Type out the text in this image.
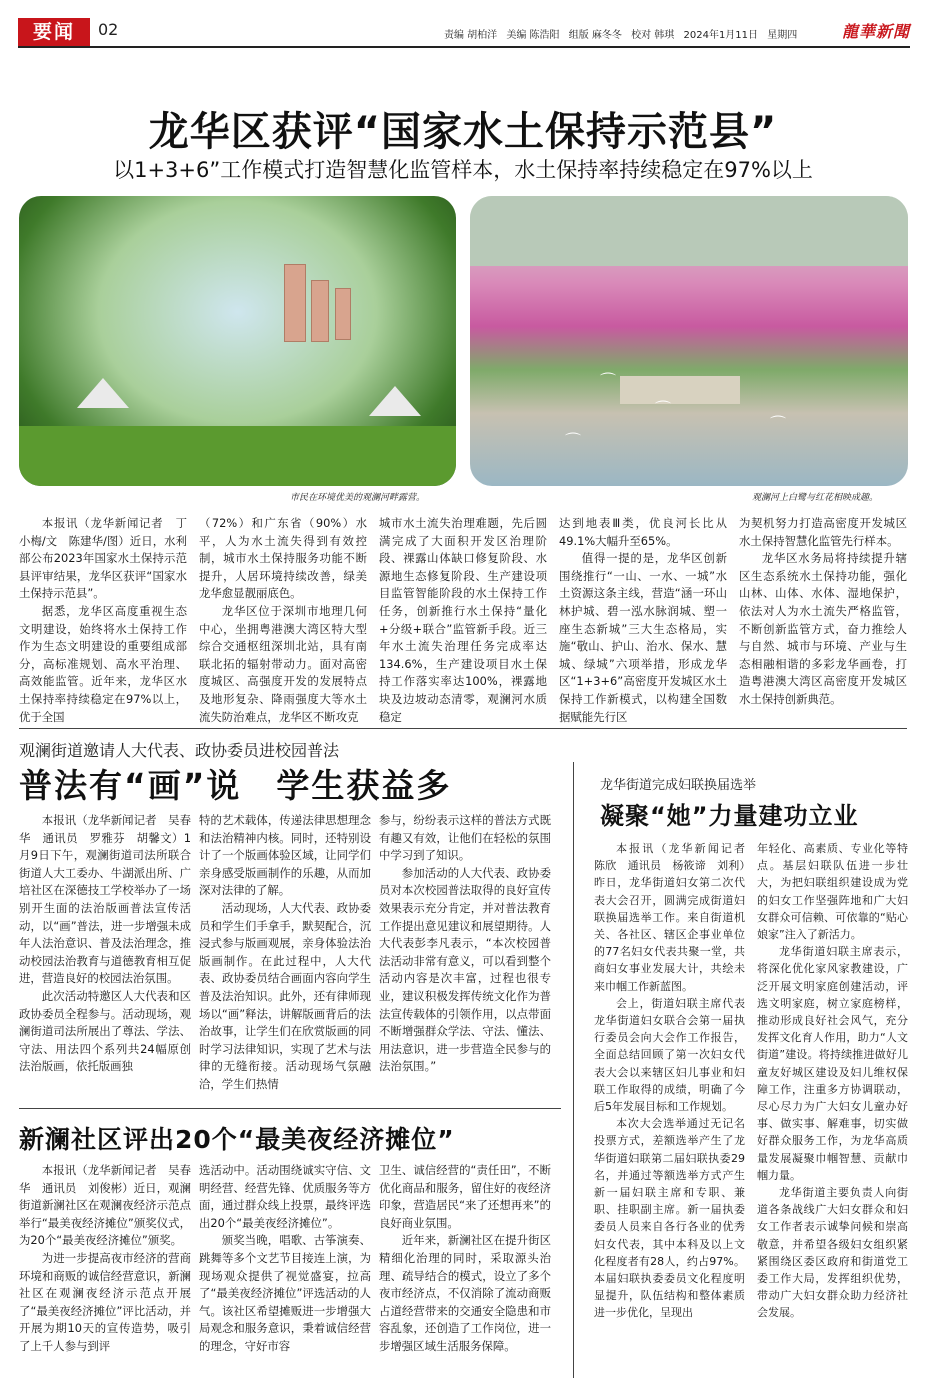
要闻	02	责编 胡柏洋 美编 陈浩阳 组版 麻冬冬 校对 韩琪 2024年1月11日 星期四	龍華新聞
龙华区获评“国家水土保持示范县”
以1+3+6”工作模式打造智慧化监管样本，水土保持率持续稳定在97%以上
⌒
⌒
⌒
⌒
市民在环境优美的观澜河畔露营。	观澜河上白鹭与红花相映成趣。

本报讯（龙华新闻记者　丁小梅/文　陈建华/图）近日，水利部公布2023年国家水土保持示范县评审结果，龙华区获评“国家水土保持示范县”。

据悉，龙华区高度重视生态文明建设，始终将水土保持工作作为生态文明建设的重要组成部分，高标准规划、高水平治理、高效能监管。近年来，龙华区水土保持率持续稳定在97%以上，优于全国

（72%）和广东省（90%）水平，人为水土流失得到有效控制，城市水土保持服务功能不断提升，人居环境持续改善，绿美龙华愈显靓丽底色。

龙华区位于深圳市地理几何中心，坐拥粤港澳大湾区特大型综合交通枢纽深圳北站，具有南联北拓的辐射带动力。面对高密度城区、高强度开发的发展特点及地形复杂、降雨强度大等水土流失防治难点，龙华区不断攻克

城市水土流失治理难题，先后圆满完成了大面积开发区治理阶段、裸露山体缺口修复阶段、水源地生态修复阶段、生产建设项目监管智能阶段的水土保持工作任务，创新推行水土保持“量化+分级+联合”监管新手段。近三年水土流失治理任务完成率达134.6%，生产建设项目水土保持工作落实率达100%，裸露地块及边坡动态清零，观澜河水质稳定

达到地表Ⅲ类，优良河长比从49.1%大幅升至65%。

值得一提的是，龙华区创新围绕推行“一山、一水、一城”水土资源这条主线，营造“涵一环山林护城、碧一泓水脉润城、塑一座生态新城”三大生态格局，实施“敬山、护山、治水、保水、慧城、绿城”六项举措，形成龙华区“1+3+6”高密度开发城区水土保持工作新模式，以构建全国数据赋能先行区

为契机努力打造高密度开发城区水土保持智慧化监管先行样本。

龙华区水务局将持续提升辖区生态系统水土保持功能，强化山林、山体、水体、湿地保护，依法对人为水土流失严格监管，不断创新监管方式，奋力推绘人与自然、城市与环境、产业与生态相融相谐的多彩龙华画卷，打造粤港澳大湾区高密度开发城区水土保持创新典范。

观澜街道邀请人大代表、政协委员进校园普法
普法有“画”说　学生获益多

本报讯（龙华新闻记者　吴春华　通讯员　罗雅芬　胡馨文）1月9日下午，观澜街道司法所联合街道人大工委办、牛湖派出所、广培社区在深德技工学校举办了一场别开生面的法治版画普法宣传活动，以“画”普法，进一步增强未成年人法治意识、普及法治理念，推动校园法治教育与道德教育相互促进，营造良好的校园法治氛围。

此次活动特邀区人大代表和区政协委员全程参与。活动现场，观澜街道司法所展出了尊法、学法、守法、用法四个系列共24幅原创法治版画，依托版画独

特的艺术载体，传递法律思想理念和法治精神内核。同时，还特别设计了一个版画体验区域，让同学们亲身感受版画制作的乐趣，从而加深对法律的了解。

活动现场，人大代表、政协委员和学生们手拿手，默契配合，沉浸式参与版画观展，亲身体验法治版画制作。在此过程中，人大代表、政协委员结合画面内容向学生普及法治知识。此外，还有律师现场以“画”释法，讲解版画背后的法治故事，让学生们在欣赏版画的同时学习法律知识，实现了艺术与法律的无缝衔接。活动现场气氛融洽，学生们热情

参与，纷纷表示这样的普法方式既有趣又有效，让他们在轻松的氛围中学习到了知识。

参加活动的人大代表、政协委员对本次校园普法取得的良好宣传效果表示充分肯定，并对普法教育工作提出意见建议和展望期待。人大代表彭李凡表示，“本次校园普法活动非常有意义，可以看到整个活动内容是次丰富，过程也很专业，建议积极发挥传统文化作为普法宣传载体的引领作用，以点带面不断增强群众学法、守法、懂法、用法意识，进一步营造全民参与的法治氛围。”

龙华街道完成妇联换届选举
凝聚“她”力量建功立业

本报讯（龙华新闻记者　陈欣　通讯员　杨筱谛　刘利）昨日，龙华街道妇女第二次代表大会召开，圆满完成街道妇联换届选举工作。来自街道机关、各社区、辖区企事业单位的77名妇女代表共聚一堂，共商妇女事业发展大计，共绘未来巾帼工作新蓝图。

会上，街道妇联主席代表龙华街道妇女联合会第一届执行委员会向大会作工作报告，全面总结回顾了第一次妇女代表大会以来辖区妇儿事业和妇联工作取得的成绩，明确了今后5年发展目标和工作规划。

本次大会选举通过无记名投票方式，差额选举产生了龙华街道妇联第二届妇联执委29名，并通过等额选举方式产生新一届妇联主席和专职、兼职、挂职副主席。新一届执委委员人员来自各行各业的优秀妇女代表，其中本科及以上文化程度者有28人，约占97%。本届妇联执委委员文化程度明显提升，队伍结构和整体素质进一步优化，呈现出

年轻化、高素质、专业化等特点。基层妇联队伍进一步壮大，为把妇联组织建设成为党的妇女工作坚强阵地和广大妇女群众可信赖、可依靠的“贴心娘家”注入了新活力。

龙华街道妇联主席表示，将深化优化家风家教建设，广泛开展文明家庭创建活动，评选文明家庭，树立家庭榜样，推动形成良好社会风气，充分发挥文化育人作用，助力“人文街道”建设。将持续推进做好儿童友好城区建设及妇儿维权保障工作，注重多方协调联动，尽心尽力为广大妇女儿童办好事、做实事、解难事，切实做好群众服务工作，为龙华高质量发展凝聚巾帼智慧、贡献巾帼力量。

龙华街道主要负责人向街道各条战线广大妇女群众和妇女工作者表示诚挚问候和崇高敬意，并希望各级妇女组织紧紧围绕区委区政府和街道党工委工作大局，发挥组织优势，带动广大妇女群众助力经济社会发展。

新澜社区评出20个“最美夜经济摊位”

本报讯（龙华新闻记者　吴春华　通讯员　刘俊彬）近日，观澜街道新澜社区在观澜夜经济示范点举行“最美夜经济摊位”颁奖仪式，为20个“最美夜经济摊位”颁奖。

为进一步提高夜市经济的营商环境和商贩的诚信经营意识，新澜社区在观澜夜经济示范点开展了“最美夜经济摊位”评比活动，并开展为期10天的宣传造势，吸引了上千人参与到评

选活动中。活动围绕诚实守信、文明经营、经营先锋、优质服务等方面，通过群众线上投票，最终评选出20个“最美夜经济摊位”。

颁奖当晚，唱歌、古筝演奏、跳舞等多个文艺节目接连上演，为现场观众提供了视觉盛宴，拉高了“最美夜经济摊位”评选活动的人气。该社区希望摊贩进一步增强大局观念和服务意识，秉着诚信经营的理念，守好市容

卫生、诚信经营的“责任田”，不断优化商品和服务，留住好的夜经济印象，营造居民“来了还想再来”的良好商业氛围。

近年来，新澜社区在提升街区精细化治理的同时，采取源头治理、疏导结合的模式，设立了多个夜市经济点，不仅消除了流动商贩占道经营带来的交通安全隐患和市容乱象，还创造了工作岗位，进一步增强区域生活服务保障。
